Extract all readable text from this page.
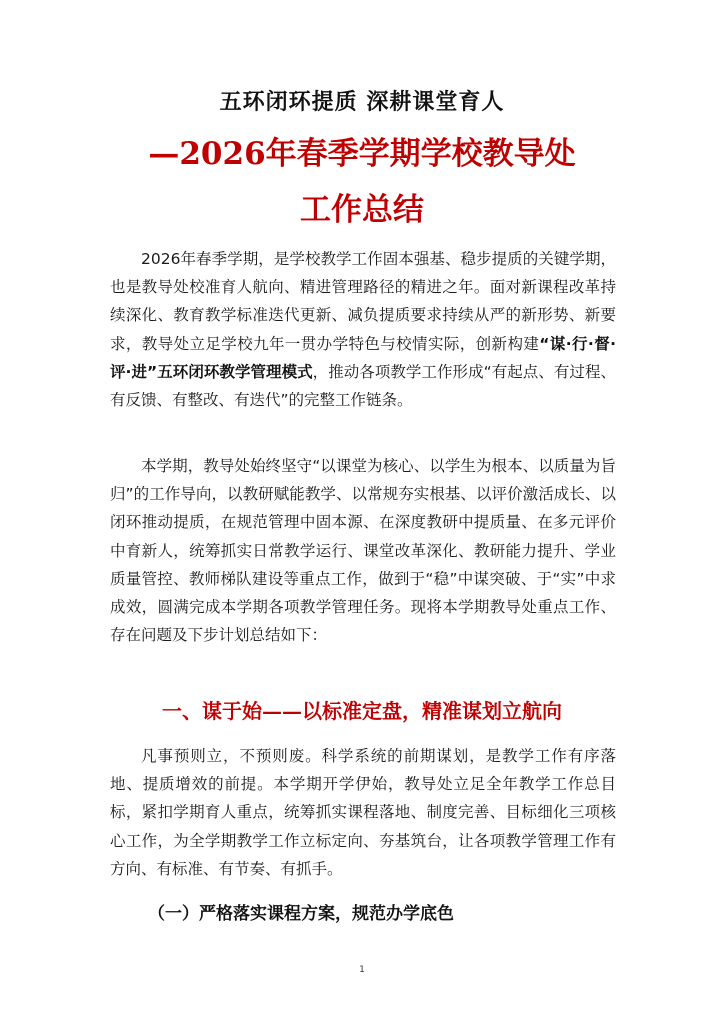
五环闭环提质 深耕课堂育人
—2026年春季学期学校教导处
工作总结

2026年春季学期，是学校教学工作固本强基、稳步提质的关键学期，也是教导处校准育人航向、精进管理路径的精进之年。面对新课程改革持续深化、教育教学标准迭代更新、减负提质要求持续从严的新形势、新要求，教导处立足学校九年一贯办学特色与校情实际，创新构建“谋·行·督·评·进”五环闭环教学管理模式，推动各项教学工作形成“有起点、有过程、有反馈、有整改、有迭代”的完整工作链条。

本学期，教导处始终坚守“以课堂为核心、以学生为根本、以质量为旨归”的工作导向，以教研赋能教学、以常规夯实根基、以评价激活成长、以闭环推动提质，在规范管理中固本源、在深度教研中提质量、在多元评价中育新人，统筹抓实日常教学运行、课堂改革深化、教研能力提升、学业质量管控、教师梯队建设等重点工作，做到于“稳”中谋突破、于“实”中求成效，圆满完成本学期各项教学管理任务。现将本学期教导处重点工作、存在问题及下步计划总结如下：

一、谋于始——以标准定盘，精准谋划立航向

凡事预则立，不预则废。科学系统的前期谋划，是教学工作有序落地、提质增效的前提。本学期开学伊始，教导处立足全年教学工作总目标，紧扣学期育人重点，统筹抓实课程落地、制度完善、目标细化三项核心工作，为全学期教学工作立标定向、夯基筑台，让各项教学管理工作有方向、有标准、有节奏、有抓手。

（一）严格落实课程方案，规范办学底色
1
